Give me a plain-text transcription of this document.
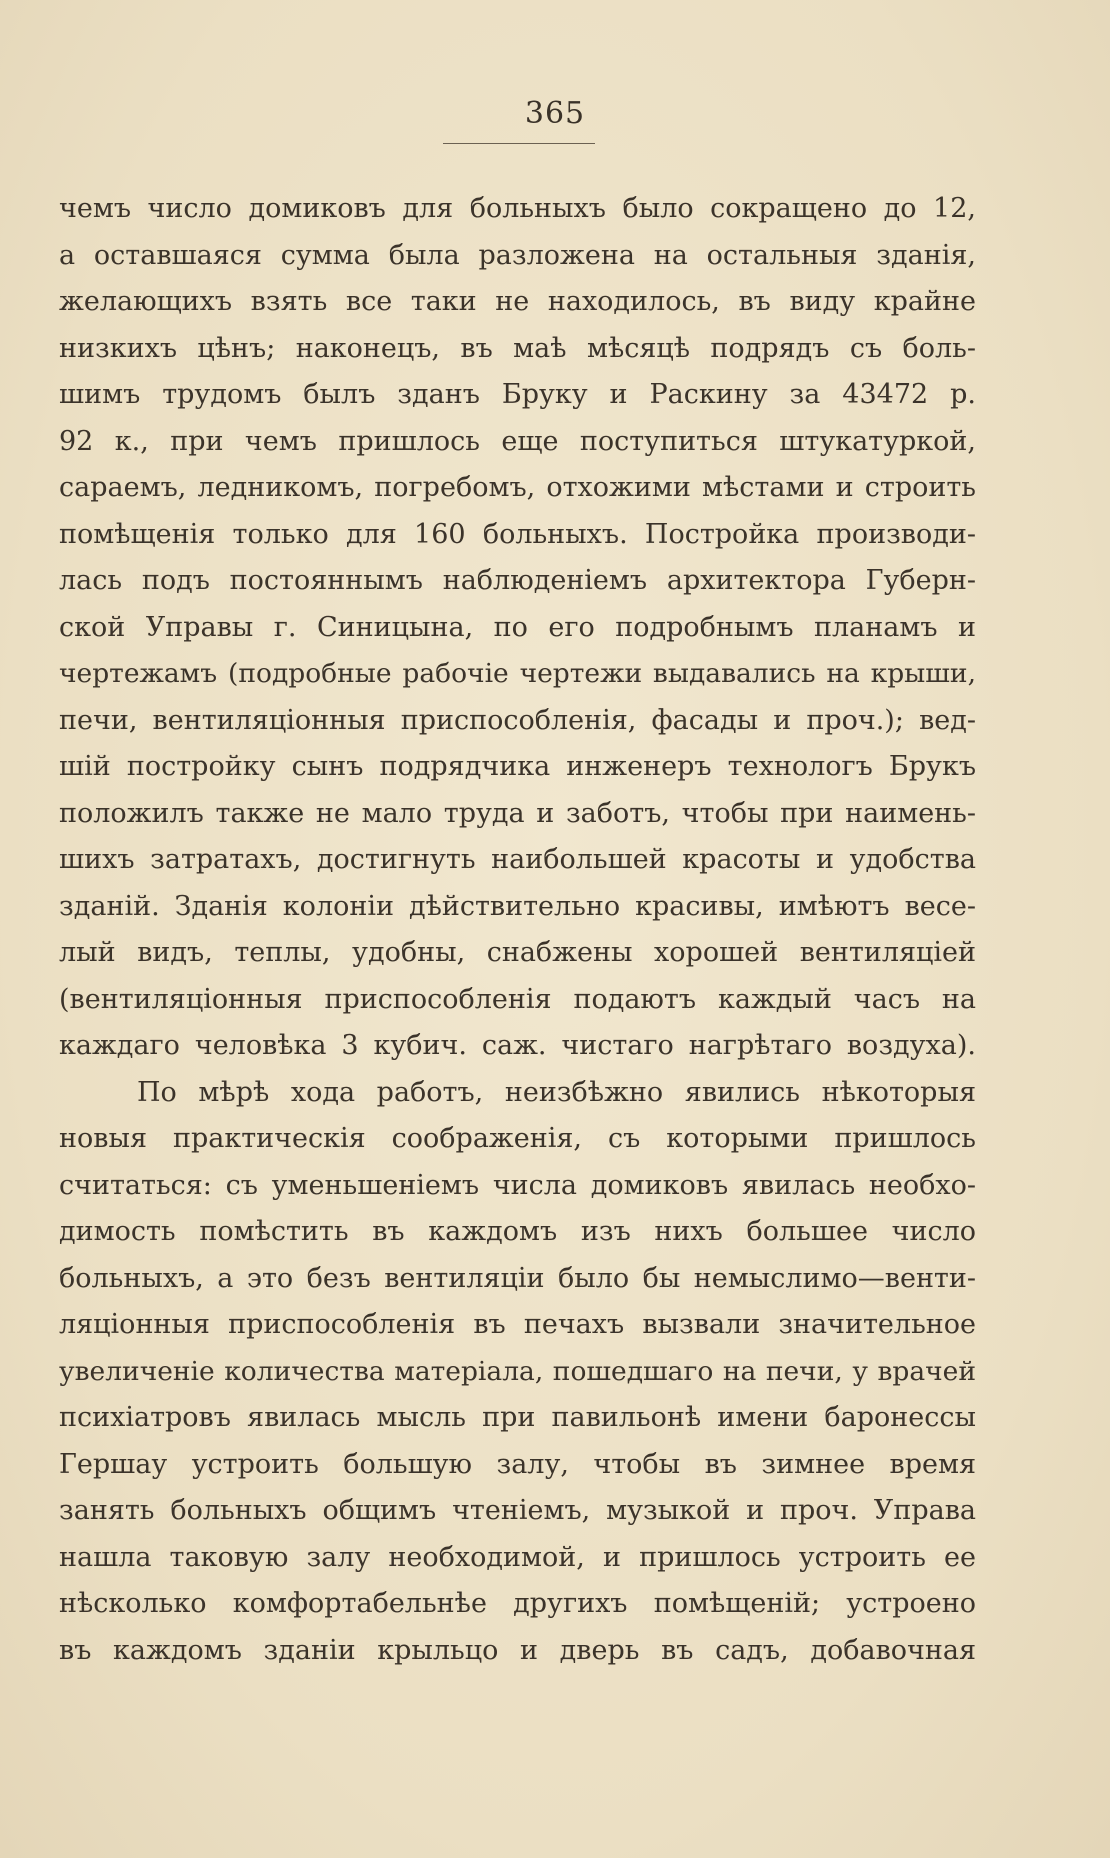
365
чемъ число домиковъ для больныхъ было сокращено до 12,
а оставшаяся сумма была разложена на остальныя зданія,
желающихъ взять все таки не находилось, въ виду крайне
низкихъ цѣнъ; наконецъ, въ маѣ мѣсяцѣ подрядъ съ боль-
шимъ трудомъ былъ зданъ Бруку и Раскину за 43472 р.
92 к., при чемъ пришлось еще поступиться штукатуркой,
сараемъ, ледникомъ, погребомъ, отхожими мѣстами и строить
помѣщенія только для 160 больныхъ. Постройка производи-
лась подъ постояннымъ наблюденіемъ архитектора Губерн-
ской Управы г. Синицына, по его подробнымъ планамъ и
чертежамъ (подробные рабочіе чертежи выдавались на крыши,
печи, вентиляціонныя приспособленія, фасады и проч.); вед-
шій постройку сынъ подрядчика инженеръ технологъ Брукъ
положилъ также не мало труда и заботъ, чтобы при наимень-
шихъ затратахъ, достигнуть наибольшей красоты и удобства
зданій. Зданія колоніи дѣйствительно красивы, имѣютъ весе-
лый видъ, теплы, удобны, снабжены хорошей вентиляціей
(вентиляціонныя приспособленія подаютъ каждый часъ на
каждаго человѣка 3 кубич. саж. чистаго нагрѣтаго воздуха).
По мѣрѣ хода работъ, неизбѣжно явились нѣкоторыя
новыя практическія соображенія, съ которыми пришлось
считаться: съ уменьшеніемъ числа домиковъ явилась необхо-
димость помѣстить въ каждомъ изъ нихъ большее число
больныхъ, а это безъ вентиляціи было бы немыслимо—венти-
ляціонныя приспособленія въ печахъ вызвали значительное
увеличеніе количества матеріала, пошедшаго на печи, у врачей
психіатровъ явилась мысль при павильонѣ имени баронессы
Гершау устроить большую залу, чтобы въ зимнее время
занять больныхъ общимъ чтеніемъ, музыкой и проч. Управа
нашла таковую залу необходимой, и пришлось устроить ее
нѣсколько комфортабельнѣе другихъ помѣщеній; устроено
въ каждомъ зданіи крыльцо и дверь въ садъ, добавочная
